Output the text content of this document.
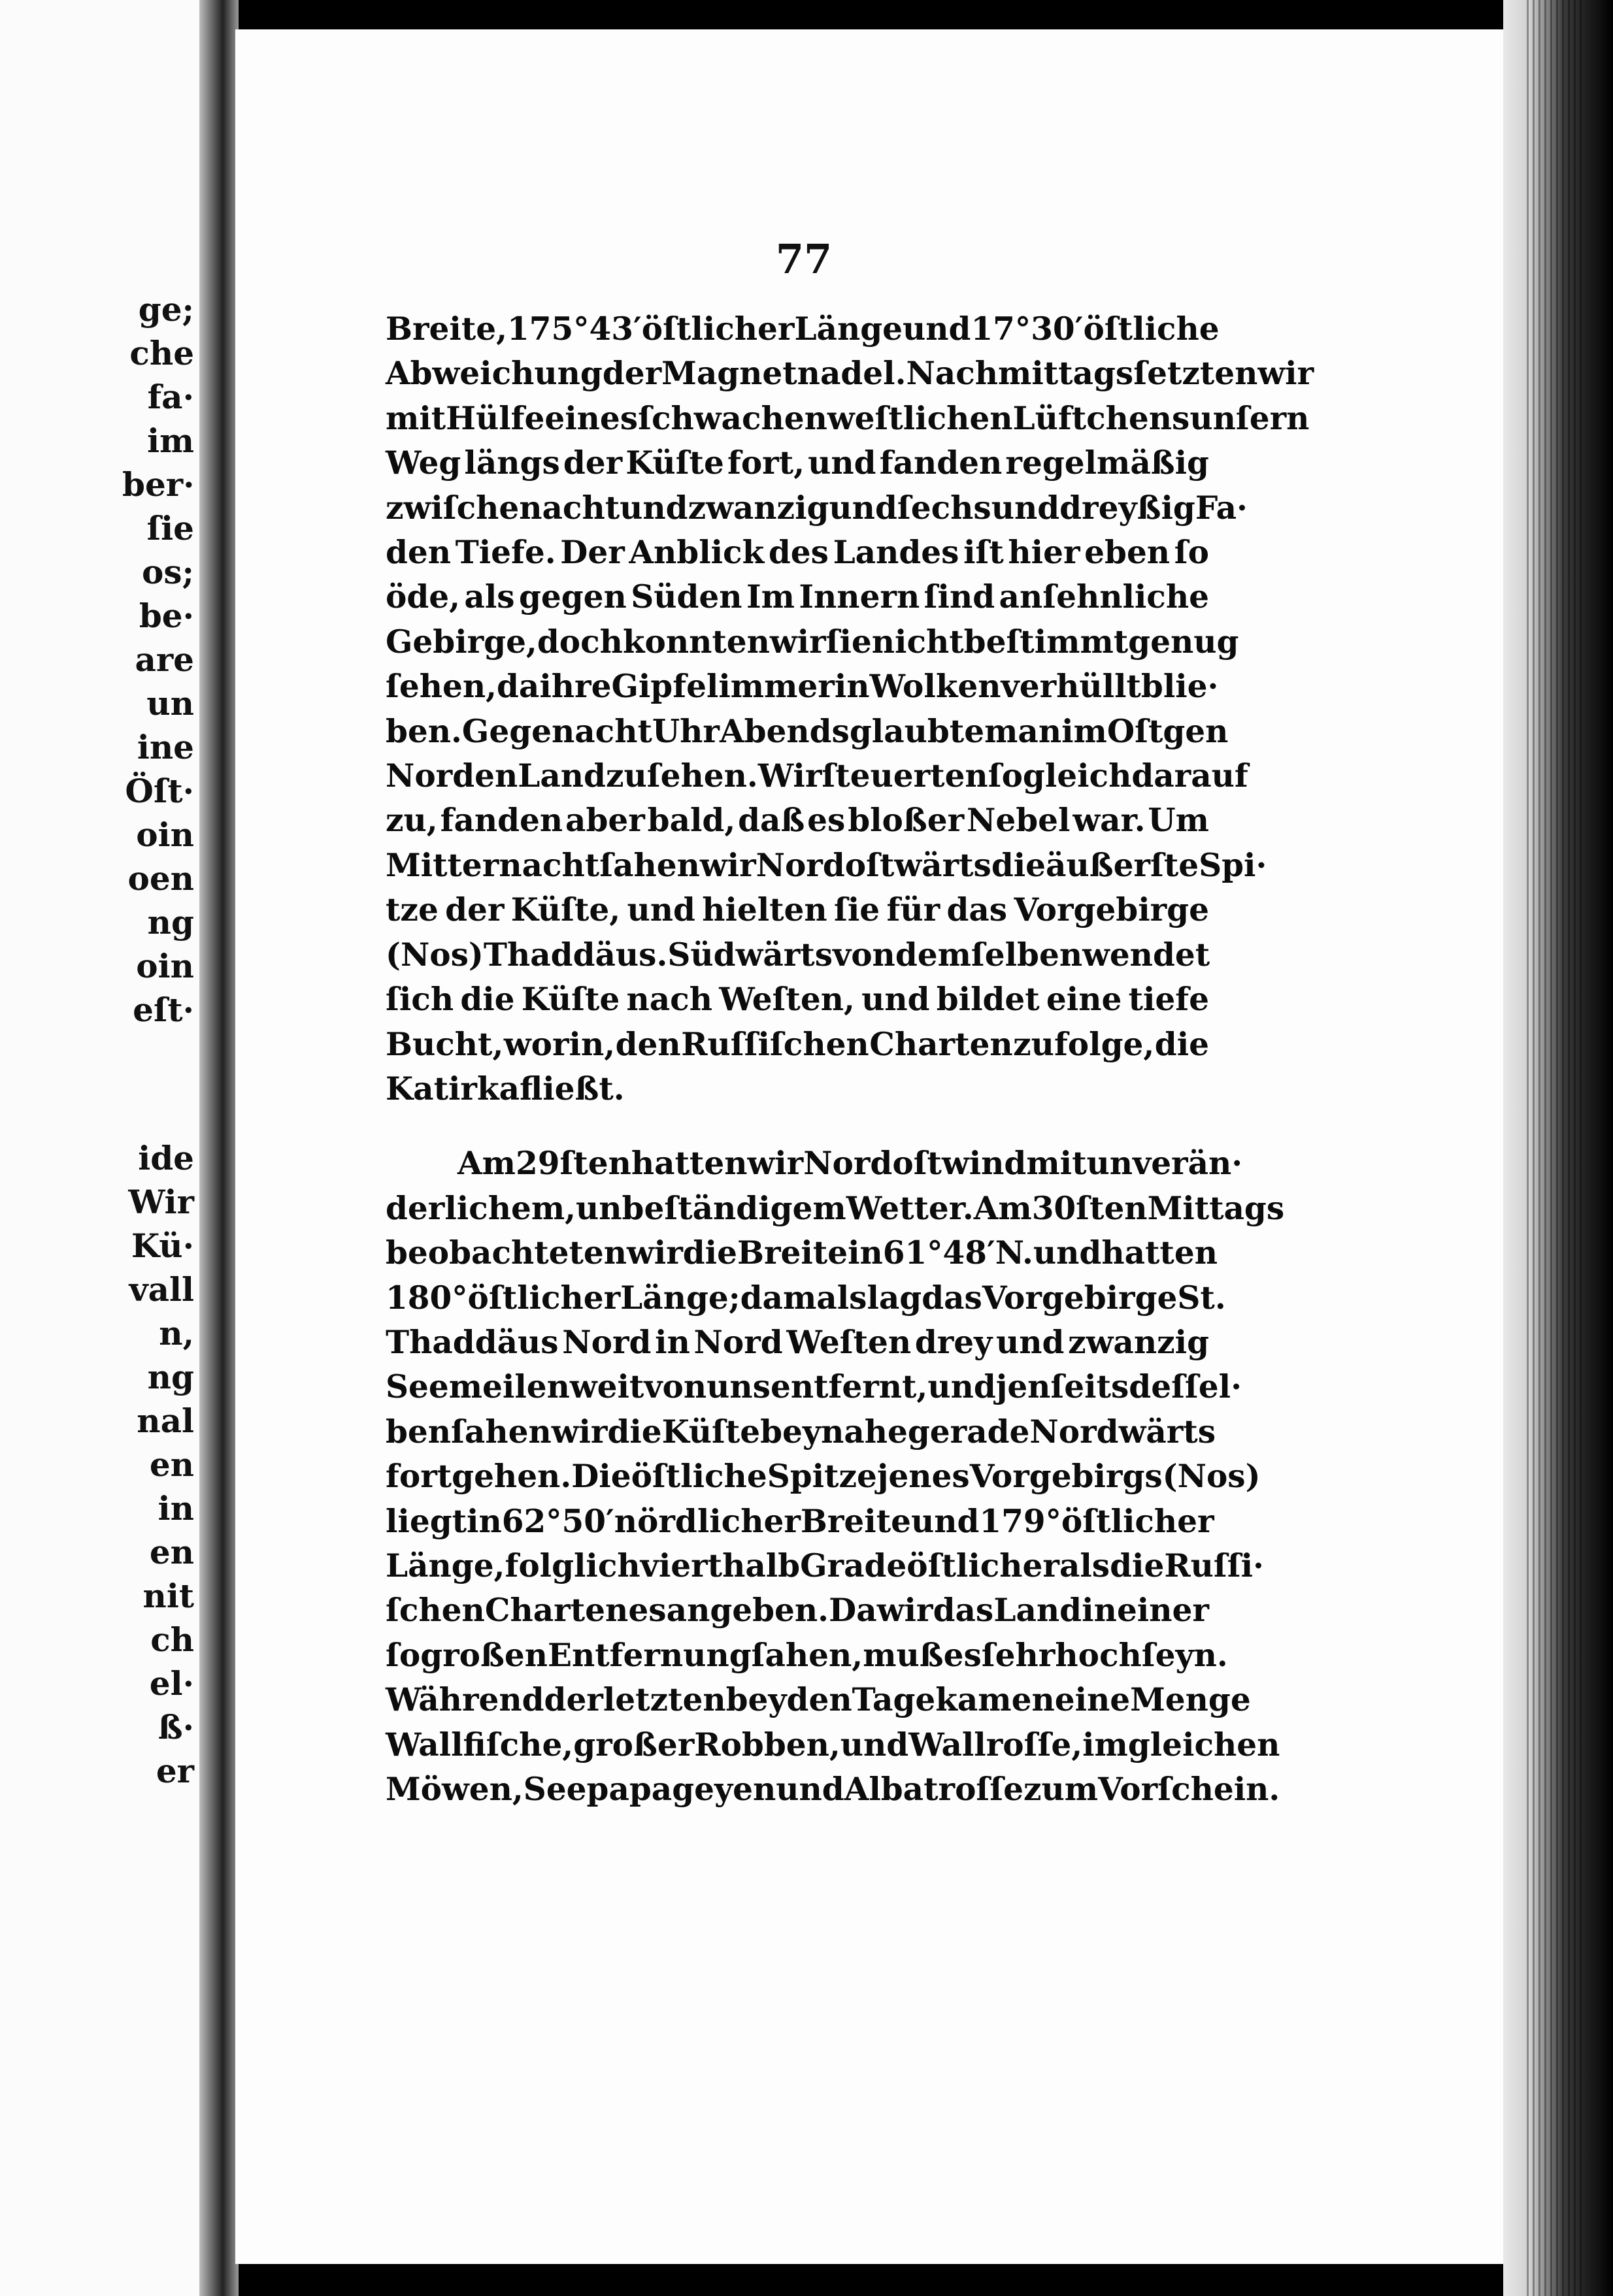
ge;
che
fa·
im
ber·
ſie
os;
be·
are
un
ine
Öſt·
oin
oen
ng
oin
eſt·
ide
Wir
Kü·
vall
n,
ng
nal
en
in
en
nit
ch
el·
ß·
er
77
Breite, 175° 43′ öſtlicher Länge und 17° 30′ öſtliche
Abweichung der Magnetnadel. Nachmittags ſetzten wir
mit Hülfe eines ſchwachen weſtlichen Lüftchens unſern
Weg längs der Küſte fort, und fanden regelmäßig
zwiſchen acht und zwanzig und ſechs und dreyßig Fa·
den Tiefe. Der Anblick des Landes iſt hier eben ſo
öde, als gegen Süden Im Innern ſind anſehnliche
Gebirge, doch konnten wir ſie nicht beſtimmt genug
ſehen, da ihre Gipfel immer in Wolken verhüllt blie·
ben. Gegen acht Uhr Abends glaubte man im Oſt gen
Norden Land zu ſehen. Wir ſteuerten ſogleich darauf
zu, fanden aber bald, daß es bloßer Nebel war. Um
Mitternacht ſahen wir Nordoſtwärts die äußerſte Spi·
tze der Küſte, und hielten ſie für das Vorgebirge
(Nos) Thaddäus. Südwärts von demſelben wendet
ſich die Küſte nach Weſten, und bildet eine tiefe
Bucht, worin, den Ruſſiſchen Charten zufolge, die
Katirka fließt.
Am 29ſten hatten wir Nordoſtwind mit unverän·
derlichem, unbeſtändigem Wetter. Am 30ſten Mittags
beobachteten wir die Breite in 61° 48′ N. und hatten
180° öſtlicher Länge; damals lag das Vorgebirge St.
Thaddäus Nord in Nord Weſten drey und zwanzig
Seemeilen weit von uns entfernt, und jenſeits deſſel·
ben ſahen wir die Küſte beynahe gerade Nordwärts
fortgehen. Die öſtliche Spitze jenes Vorgebirgs (Nos)
liegt in 62° 50′ nördlicher Breite und 179° öſtlicher
Länge, folglich vierthalb Grade öſtlicher als die Ruſſi·
ſchen Charten es angeben. Da wir das Land in einer
ſo großen Entfernung ſahen, muß es ſehr hoch ſeyn.
Während der letzten beyden Tage kamen eine Menge
Wallfiſche, großer Robben, und Wallroſſe, imgleichen
Möwen, Seepapageyen und Albatroſſe zum Vorſchein.
